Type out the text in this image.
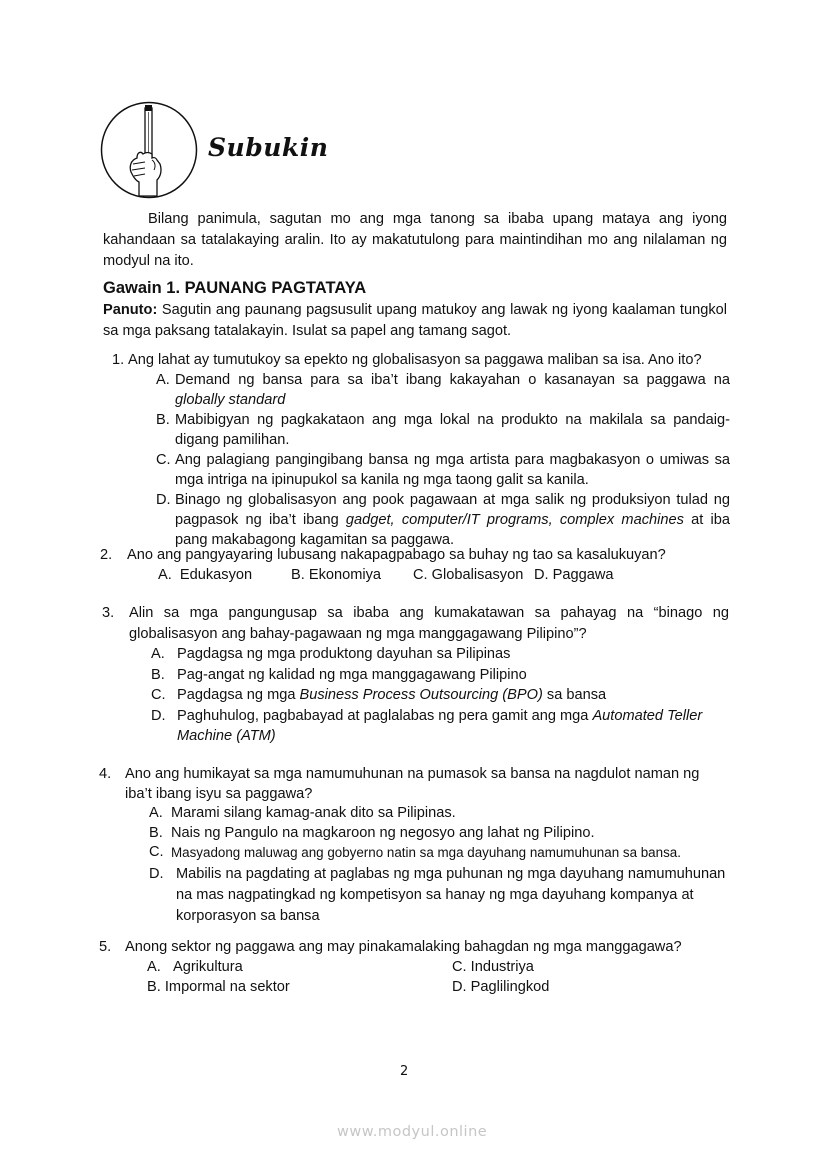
Subukin
Bilang panimula, sagutan mo ang mga tanong sa ibaba upang mataya ang iyong kahandaan sa tatalakaying aralin. Ito ay makatutulong para maintindihan mo ang nilalaman ng modyul na ito.
Gawain 1. PAUNANG PAGTATAYA
Panuto: Sagutin ang paunang pagsusulit upang matukoy ang lawak ng iyong kaalaman tungkol sa mga paksang tatalakayin. Isulat sa papel ang tamang sagot.
1. Ang lahat ay tumutukoy sa epekto ng globalisasyon sa paggawa maliban sa isa. Ano ito?
A. Demand ng bansa para sa iba’t ibang kakayahan o kasanayan sa paggawa na globally standard
B. Mabibigyan ng pagkakataon ang mga lokal na produkto na makilala sa pandaig-digang pamilihan.
C. Ang palagiang pangingibang bansa ng mga artista para magbakasyon o umiwas sa mga intriga na ipinupukol sa kanila ng mga taong galit sa kanila.
D. Binago ng globalisasyon ang pook pagawaan at mga salik ng produksiyon tulad ng pagpasok ng iba’t ibang gadget, computer/IT programs, complex machines at iba pang makabagong kagamitan sa paggawa.
2.	Ano ang pangyayaring lubusang nakapagpabago sa buhay ng tao sa kasalukuyan?
A. Edukasyon	B. Ekonomiya C. Globalisasyon D. Paggawa
3.	Alin sa mga pangungusap sa ibaba ang kumakatawan sa pahayag na “binago ng globalisasyon ang bahay-pagawaan ng mga manggagawang Pilipino”?
A. Pagdagsa ng mga produktong dayuhan sa Pilipinas
B. Pag-angat ng kalidad ng mga manggagawang Pilipino
C. Pagdagsa ng mga Business Process Outsourcing (BPO) sa bansa
D. Paghuhulog, pagbabayad at paglalabas ng pera gamit ang mga Automated Teller Machine (ATM)
4. Ano ang humikayat sa mga namumuhunan na pumasok sa bansa na nagdulot naman ng iba’t ibang isyu sa paggawa?
A. Marami silang kamag-anak dito sa Pilipinas.
B. Nais ng Pangulo na magkaroon ng negosyo ang lahat ng Pilipino.
C. Masyadong maluwag ang gobyerno natin sa mga dayuhang namumuhunan sa bansa.
D. Mabilis na pagdating at paglabas ng mga puhunan ng mga dayuhang namumuhunan na mas nagpatingkad ng kompetisyon sa hanay ng mga dayuhang kompanya at korporasyon sa bansa
5. Anong sektor ng paggawa ang may pinakamalaking bahagdan ng mga manggagawa?
A. Agrikultura
B. Impormal na sektor
C. Industriya
D. Paglilingkod
2
www.modyul.online
